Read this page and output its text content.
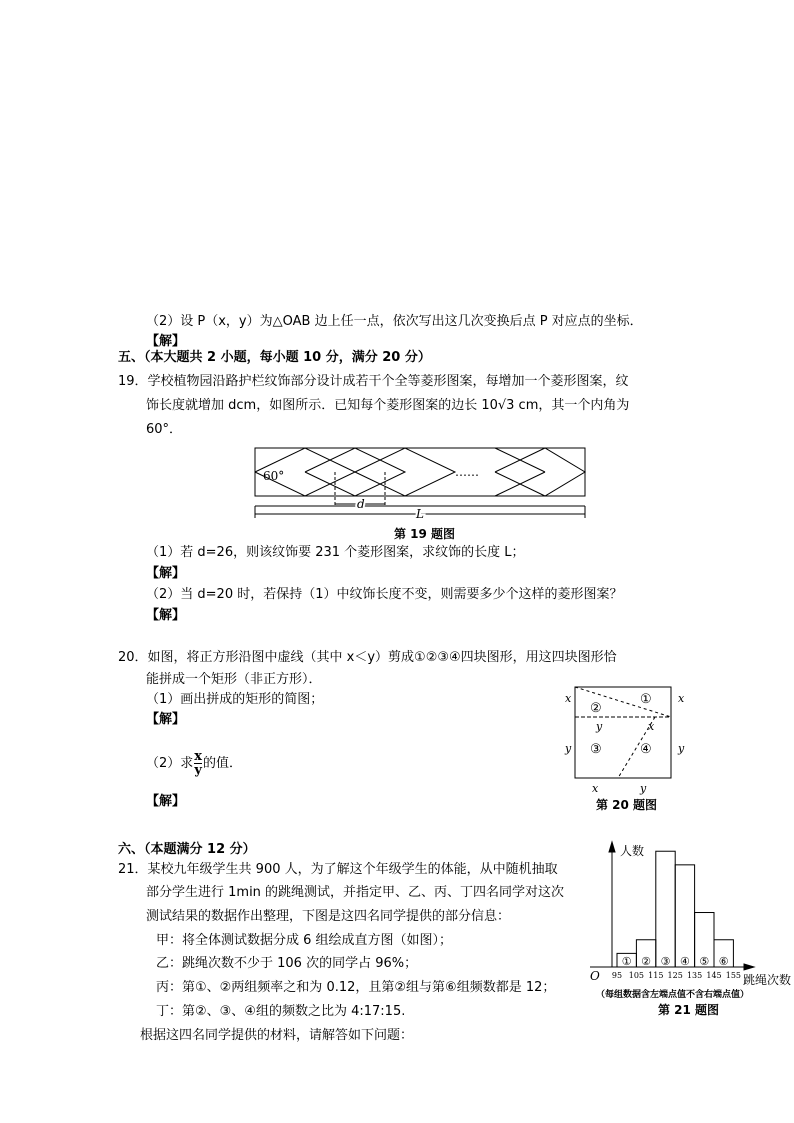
（2）设 P（x，y）为△OAB 边上任一点，依次写出这几次变换后点 P 对应点的坐标．
【解】
五、（本大题共 2 小题，每小题 10 分，满分 20 分）
19．学校植物园沿路护栏纹饰部分设计成若干个全等菱形图案，每增加一个菱形图案，纹
饰长度就增加 dcm，如图所示．已知每个菱形图案的边长 10√3 cm，其一个内角为
60°．
60°	……
d
L
第 19 题图
（1）若 d=26，则该纹饰要 231 个菱形图案，求纹饰的长度 L；
【解】
（2）当 d=20 时，若保持（1）中纹饰长度不变，则需要多少个这样的菱形图案？
【解】
20．如图，将正方形沿图中虚线（其中 x＜y）剪成①②③④四块图形，用这四块图形恰
能拼成一个矩形（非正方形）．
（1）画出拼成的矩形的简图；
【解】
（2）求 $\frac{x}{y}$ 的值．
【解】
x	x
y	y
y	x
x	y
①
②
③	④
第 20 题图
六、（本题满分 12 分）
21．某校九年级学生共 900 人，为了解这个年级学生的体能，从中随机抽取
部分学生进行 1min 的跳绳测试，并指定甲、乙、丙、丁四名同学对这次
测试结果的数据作出整理，下图是这四名同学提供的部分信息：
甲：将全体测试数据分成 6 组绘成直方图（如图）；
乙：跳绳次数不少于 106 次的同学占 96%；
丙：第①、②两组频率之和为 0.12，且第②组与第⑥组频数都是 12；
丁：第②、③、④组的频数之比为 4:17:15.
根据这四名同学提供的材料，请解答如下问题：
人数
O	跳绳次数
① ② ③ ④ ⑤ ⑥
95 105 115 125 135 145 155
（每组数据含左端点值不含右端点值）
第 21 题图
